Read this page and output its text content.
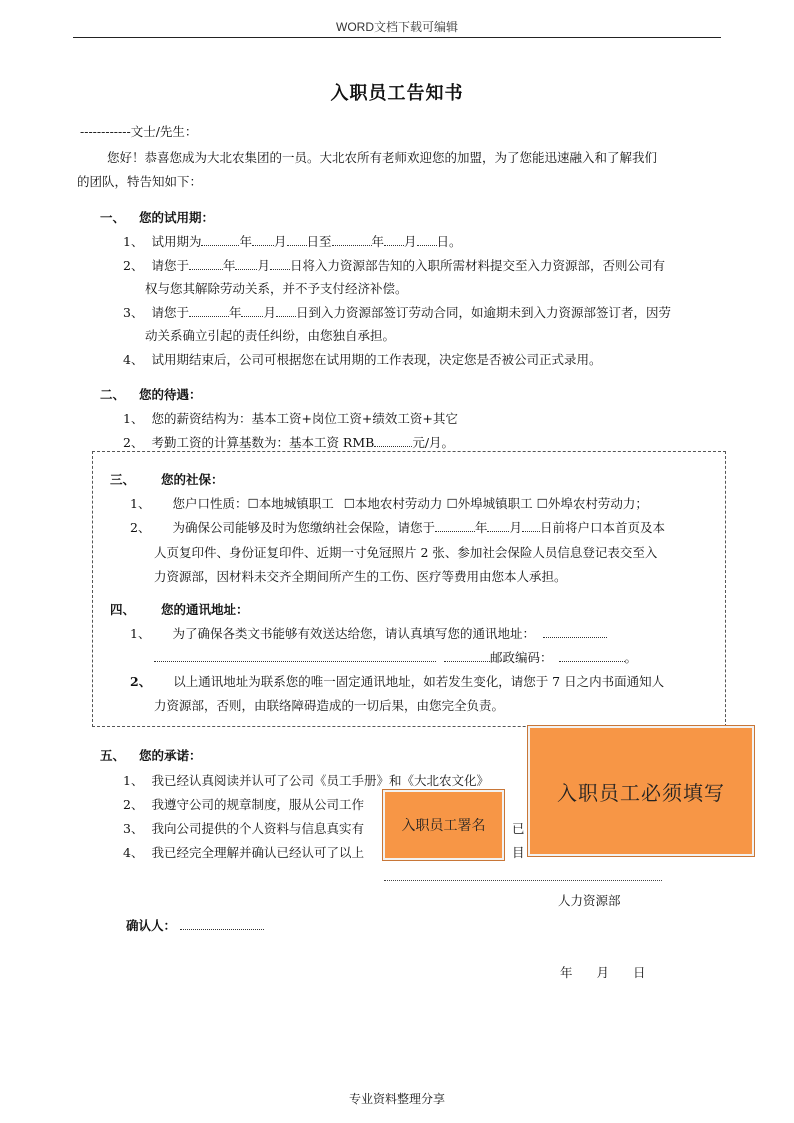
WORD文档下载可编辑
入职员工告知书
------------文士/先生：
您好！恭喜您成为大北农集团的一员。大北农所有老师欢迎您的加盟，为了您能迅速融入和了解我们
的团队，特告知如下：
一、 您的试用期：
1、 试用期为	年 月 日至	年 月 日。
2、 请您于	年 月 日将入力资源部告知的入职所需材料提交至入力资源部，否则公司有
权与您其解除劳动关系，并不予支付经济补偿。
3、 请您于	年 月 日到入力资源部签订劳动合同，如逾期未到入力资源部签订者，因劳
动关系确立引起的责任纠纷，由您独自承担。
4、 试用期结束后，公司可根据您在试用期的工作表现，决定您是否被公司正式录用。
二、 您的待遇：
1、 您的薪资结构为：基本工资+岗位工资+绩效工资+其它
2、 考勤工资的计算基数为：基本工资 RMB	元/月。
三、 您的社保：
1、 您户口性质：☐本地城镇职工 ☐本地农村劳动力 ☐外埠城镇职工 ☐外埠农村劳动力；
2、 为确保公司能够及时为您缴纳社会保险，请您于	年 月 日前将户口本首页及本
人页复印件、身份证复印件、近期一寸免冠照片 2 张、参加社会保险人员信息登记表交至入
力资源部，因材料未交齐全期间所产生的工伤、医疗等费用由您本人承担。
四、 您的通讯地址：
1、 为了确保各类文书能够有效送达给您，请认真填写您的通讯地址：
邮政编码：	。
2、 以上通讯地址为联系您的唯一固定通讯地址，如若发生变化，请您于 7 日之内书面通知人
力资源部，否则，由联络障碍造成的一切后果，由您完全负责。
五、 您的承诺：
1、 我已经认真阅读并认可了公司《员工手册》和《大北农文化》
2、 我遵守公司的规章制度，服从公司工作
3、 我向公司提供的个人资料与信息真实有	已
4、 我已经完全理解并确认已经认可了以上	目
入职员工必须填写
入职员工署名
人力资源部
确认人：
年 月 日
专业资料整理分享
